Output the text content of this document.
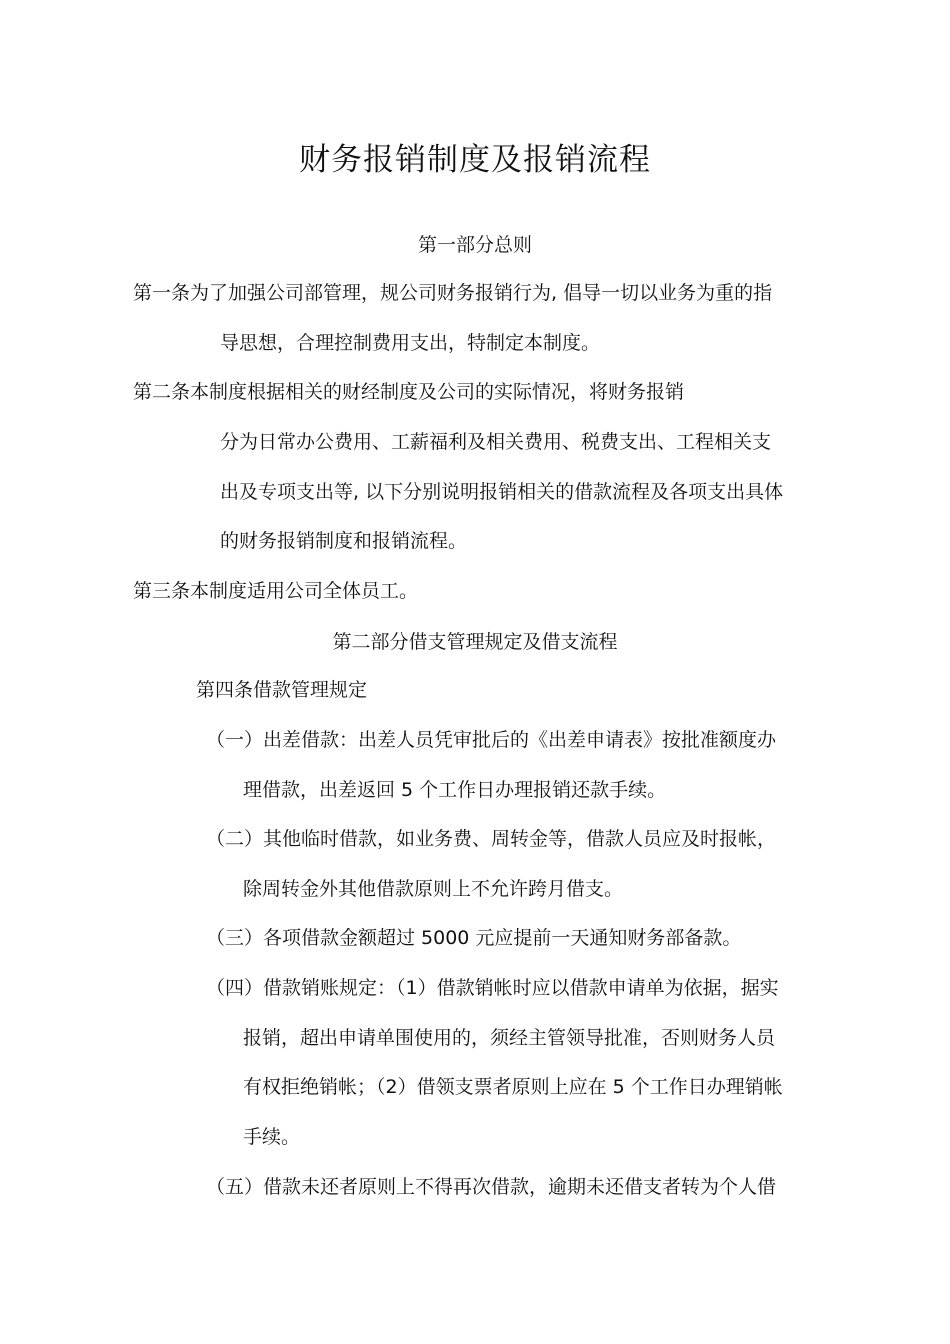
财务报销制度及报销流程
第一部分总则
第一条为了加强公司部管理，规公司财务报销行为, 倡导一切以业务为重的指
导思想，合理控制费用支出，特制定本制度。
第二条本制度根据相关的财经制度及公司的实际情况，将财务报销
分为日常办公费用、工薪福利及相关费用、税费支出、工程相关支
出及专项支出等, 以下分别说明报销相关的借款流程及各项支出具体
的财务报销制度和报销流程。
第三条本制度适用公司全体员工。
第二部分借支管理规定及借支流程
第四条借款管理规定
（一）出差借款：出差人员凭审批后的《出差申请表》按批准额度办
理借款，出差返回 5 个工作日办理报销还款手续。
（二）其他临时借款，如业务费、周转金等，借款人员应及时报帐，
除周转金外其他借款原则上不允许跨月借支。
（三）各项借款金额超过 5000 元应提前一天通知财务部备款。
（四）借款销账规定：（1）借款销帐时应以借款申请单为依据，据实
报销，超出申请单围使用的，须经主管领导批准，否则财务人员
有权拒绝销帐；（2）借领支票者原则上应在 5 个工作日办理销帐
手续。
（五）借款未还者原则上不得再次借款，逾期未还借支者转为个人借
